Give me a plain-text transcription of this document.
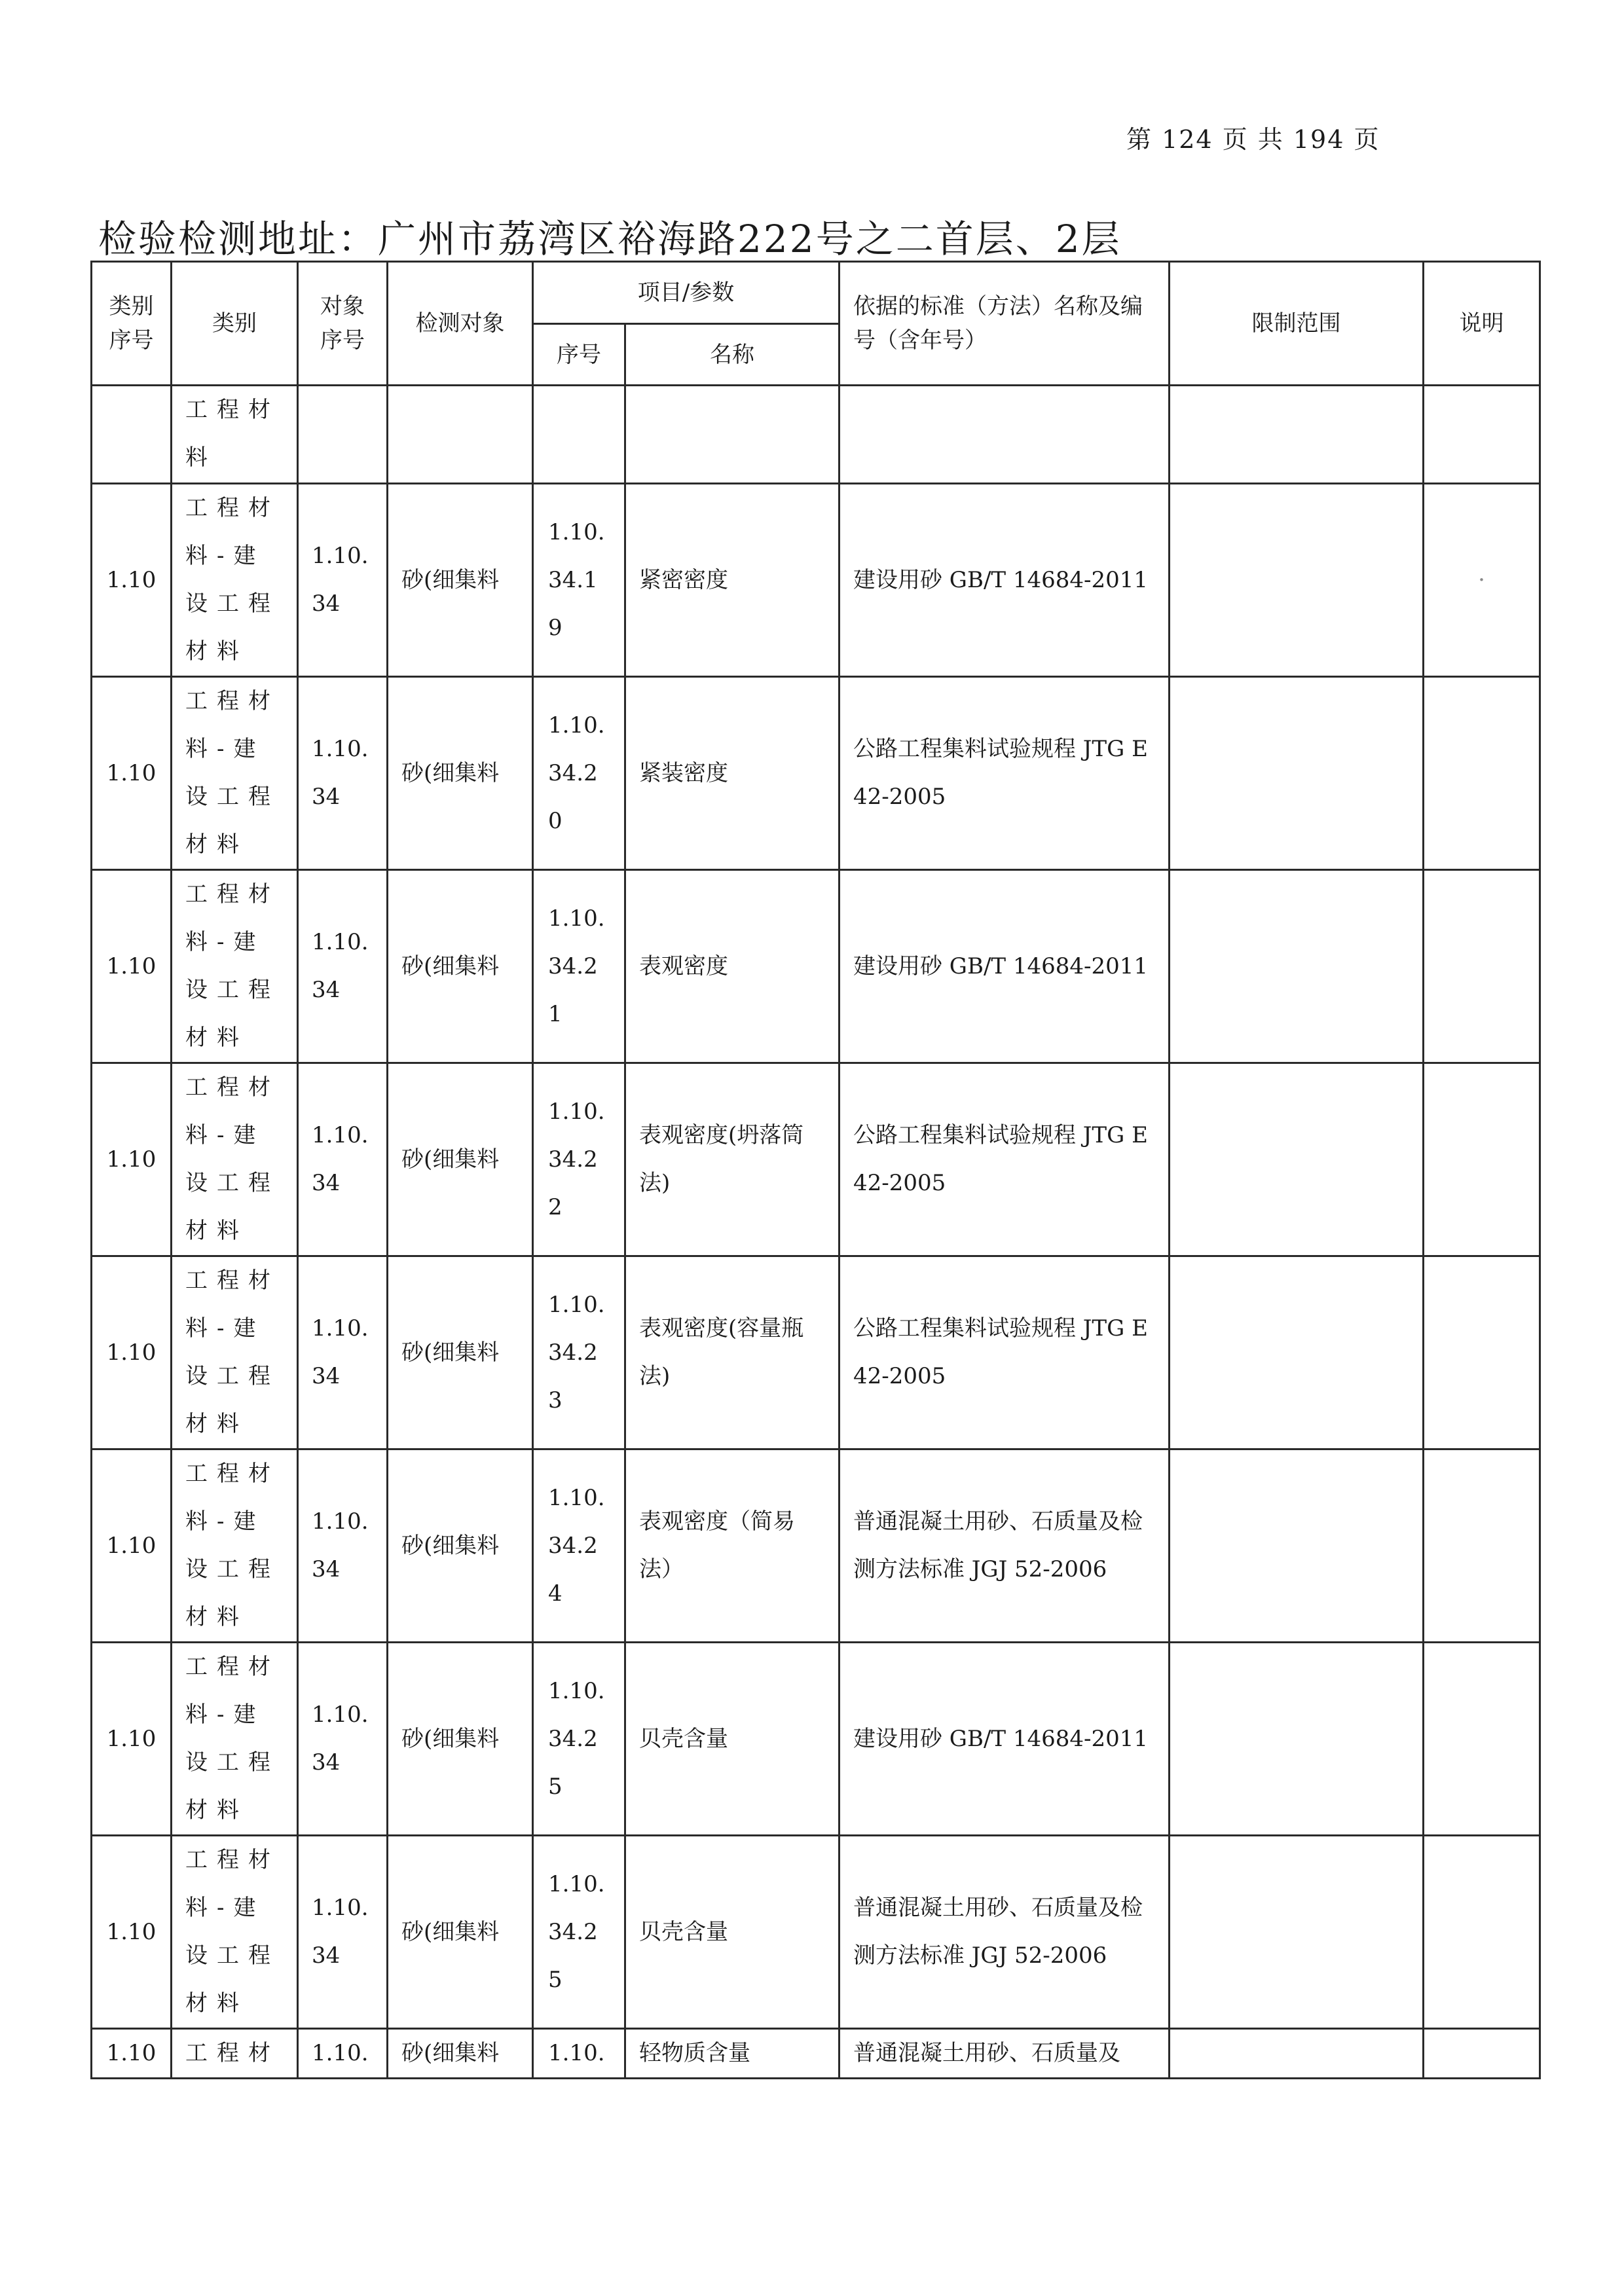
第 124 页 共 194 页
检验检测地址：广州市荔湾区裕海路222号之二首层、2层
类别序号	类别	对象序号	检测对象	项目/参数		依据的标准（方法）名称及编号（含年号）	限制范围	说明
				序号	名称			
	工程材料							
1.10	工程材料-建设工程材料	1.10.34	砂(细集料	1.10.34.19	紧密密度	建设用砂 GB/T 14684-2011		·
1.10	工程材料-建设工程材料	1.10.34	砂(细集料	1.10.34.20	紧装密度	公路工程集料试验规程 JTG E42-2005		
1.10	工程材料-建设工程材料	1.10.34	砂(细集料	1.10.34.21	表观密度	建设用砂 GB/T 14684-2011		
1.10	工程材料-建设工程材料	1.10.34	砂(细集料	1.10.34.22	表观密度(坍落筒法)	公路工程集料试验规程 JTG E42-2005		
1.10	工程材料-建设工程材料	1.10.34	砂(细集料	1.10.34.23	表观密度(容量瓶法)	公路工程集料试验规程 JTG E42-2005		
1.10	工程材料-建设工程材料	1.10.34	砂(细集料	1.10.34.24	表观密度（简易法）	普通混凝土用砂、石质量及检测方法标准 JGJ 52-2006		
1.10	工程材料-建设工程材料	1.10.34	砂(细集料	1.10.34.25	贝壳含量	建设用砂 GB/T 14684-2011		
1.10	工程材料-建设工程材料	1.10.34	砂(细集料	1.10.34.25	贝壳含量	普通混凝土用砂、石质量及检测方法标准 JGJ 52-2006		
1.10	工程材	1.10.	砂(细集料	1.10.	轻物质含量	普通混凝土用砂、石质量及		
